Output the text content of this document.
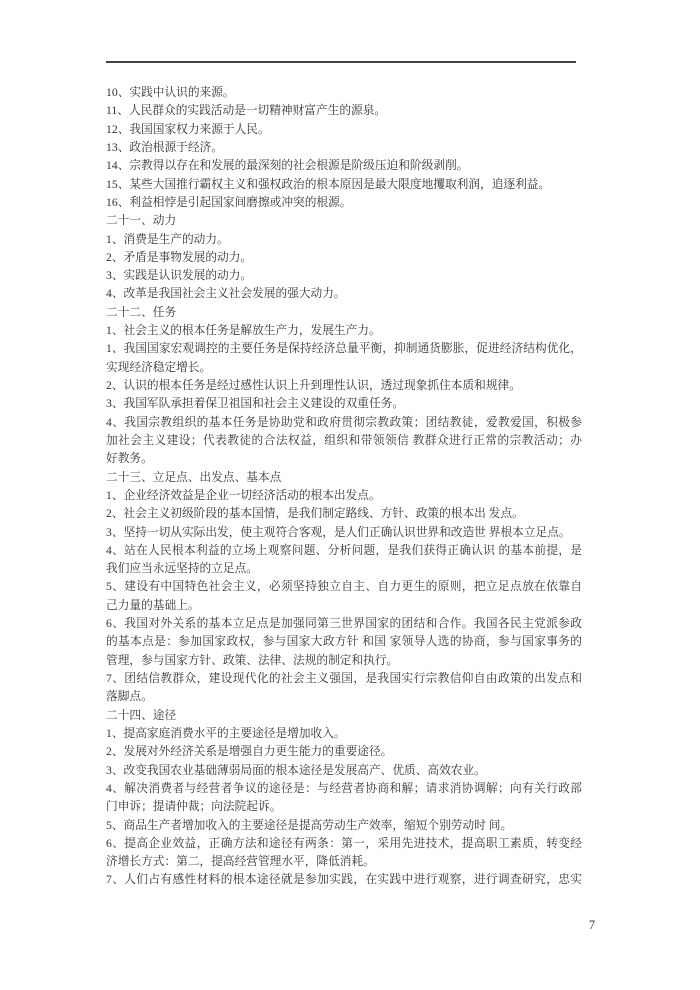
10、实践中认识的来源。
11、人民群众的实践活动是一切精神财富产生的源泉。
12、我国国家权力来源于人民。
13、政治根源于经济。
14、宗教得以存在和发展的最深刻的社会根源是阶级压迫和阶级剥削。
15、某些大国推行霸权主义和强权政治的根本原因是最大限度地攫取利润，追逐利益。
16、利益相悖是引起国家间磨擦或冲突的根源。
二十一、动力
1、消费是生产的动力。
2、矛盾是事物发展的动力。
3、实践是认识发展的动力。
4、改革是我国社会主义社会发展的强大动力。
二十二、任务
1、社会主义的根本任务是解放生产力，发展生产力。
1、我国国家宏观调控的主要任务是保持经济总量平衡，抑制通货膨胀，促进经济结构优化，
实现经济稳定增长。
2、认识的根本任务是经过感性认识上升到理性认识，透过现象抓住本质和规律。
3、我国军队承担着保卫祖国和社会主义建设的双重任务。
4、我国宗教组织的基本任务是协助党和政府贯彻宗教政策；团结教徒，爱教爱国，积极参
加社会主义建设；代表教徒的合法权益，组织和带领领信 教群众进行正常的宗教活动；办
好教务。
二十三、立足点、出发点、基本点
1、企业经济效益是企业一切经济活动的根本出发点。
2、社会主义初级阶段的基本国情，是我们制定路线、方针、政策的根本出 发点。
3、坚持一切从实际出发，使主观符合客观，是人们正确认识世界和改造世 界根本立足点。
4、站在人民根本利益的立场上观察问题、分析问题，是我们获得正确认识 的基本前提，是
我们应当永远坚持的立足点。
5、建设有中国特色社会主义，必须坚持独立自主、自力更生的原则，把立足点放在依靠自
己力量的基础上。
6、我国对外关系的基本立足点是加强同第三世界国家的团结和合作。我国各民主党派参政
的基本点是：参加国家政权，参与国家大政方针 和国 家领导人选的协商，参与国家事务的
管理，参与国家方针、政策、法律、法规的制定和执行。
7、团结信教群众，建设现代化的社会主义强国，是我国实行宗教信仰自由政策的出发点和
落脚点。
二十四、途径
1、提高家庭消费水平的主要途径是增加收入。
2、发展对外经济关系是增强自力更生能力的重要途径。
3、改变我国农业基础薄弱局面的根本途径是发展高产、优质、高效农业。
4、解决消费者与经营者争议的途径是：与经营者协商和解；请求消协调解；向有关行政部
门申诉；提请仲裁；向法院起诉。
5、商品生产者增加收入的主要途径是提高劳动生产效率，缩短个别劳动时 间。
6、提高企业效益，正确方法和途径有两条：第一，采用先进技术，提高职工素质，转变经
济增长方式：第二，提高经营管理水平，降低消耗。
7、人们占有感性材料的根本途径就是参加实践，在实践中进行观察，进行调查研究，忠实
7
